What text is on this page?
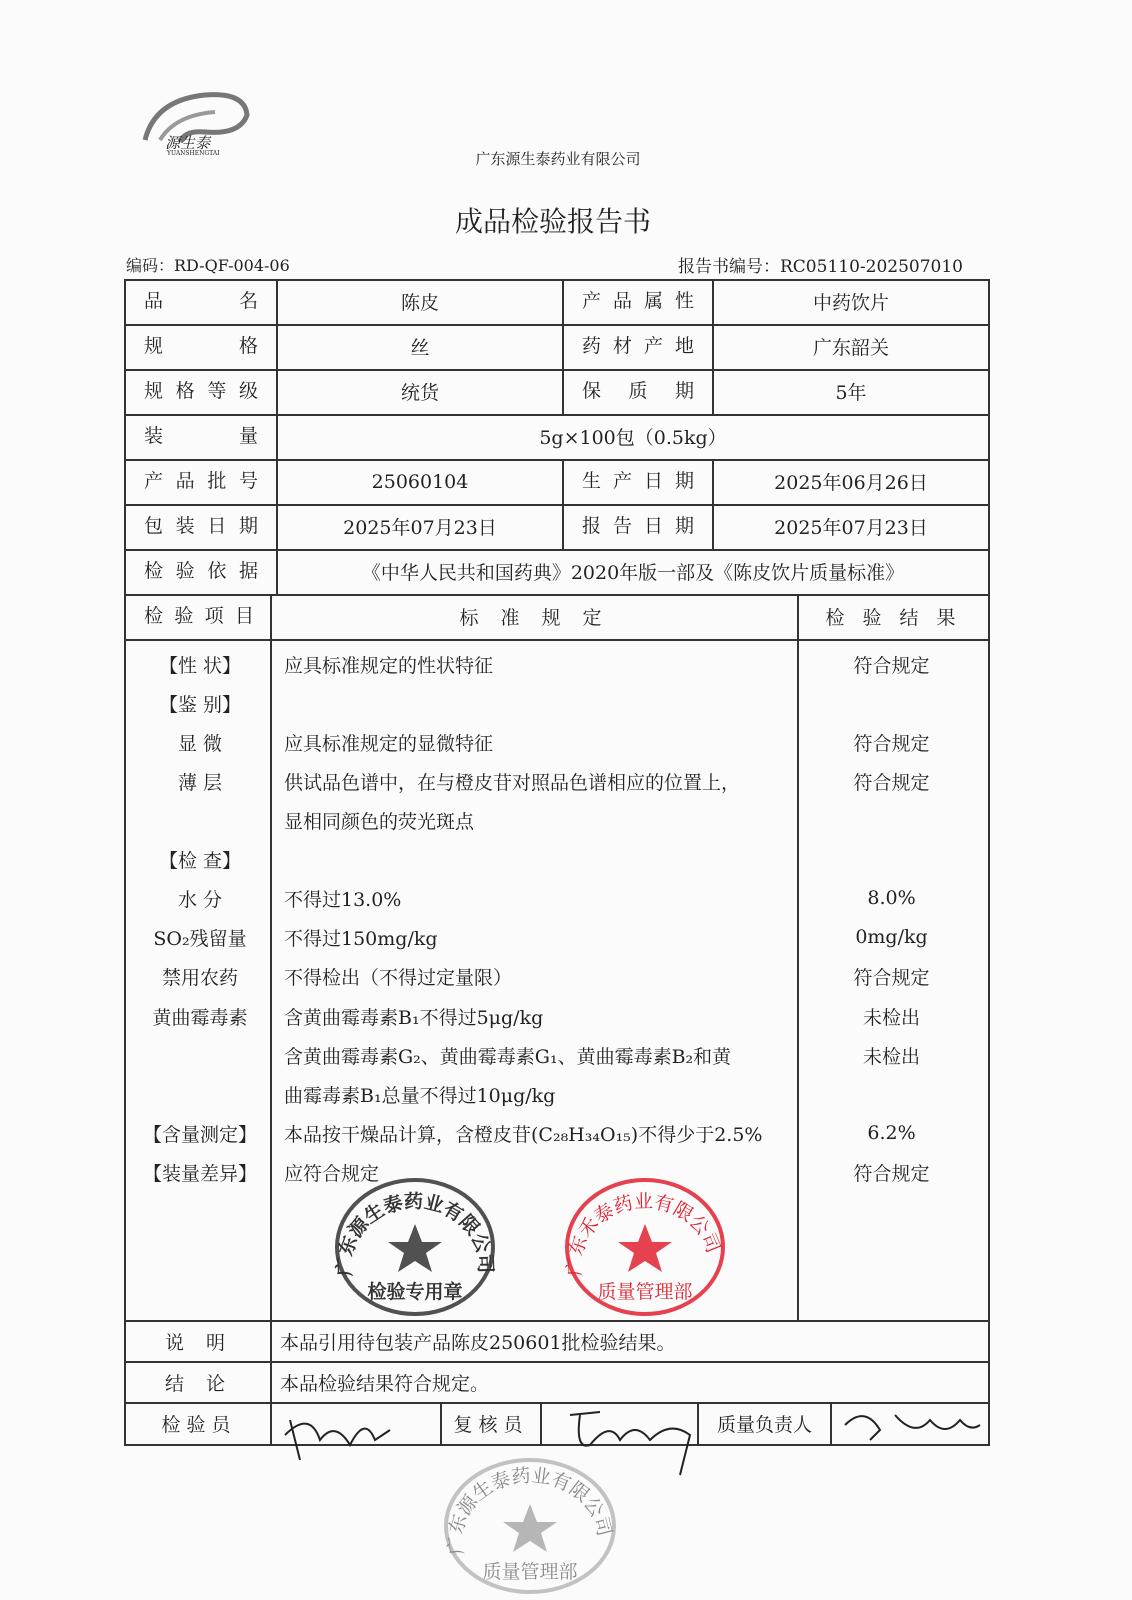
源生泰
YUANSHENGTAI	广东源生泰药业有限公司
成品检验报告书
编码：RD-QF-004-06	报告书编号：RC05110-202507010
品 名	陈皮	产品属性	中药饮片
规 格	丝	药材产地	广东韶关
规格等级	统货	保 质 期	5年
装 量	5g×100包（0.5kg）
产品批号	25060104	生产日期	2025年06月26日
包装日期	2025年07月23日	报告日期	2025年07月23日
检验依据	《中华人民共和国药典》2020年版一部及《陈皮饮片质量标准》
检验项目	标 准 规 定	检 验 结 果
【性 状】	应具标准规定的性状特征	符合规定
【鉴 别】
显 微	应具标准规定的显微特征	符合规定
薄 层	供试品色谱中，在与橙皮苷对照品色谱相应的位置上，	符合规定
显相同颜色的荧光斑点
【检 查】
水 分	不得过13.0%	8.0%
SO₂残留量	不得过150mg/kg	0mg/kg
禁用农药	不得检出（不得过定量限）	符合规定
黄曲霉毒素	含黄曲霉毒素B₁不得过5μg/kg	未检出
含黄曲霉毒素G₂、黄曲霉毒素G₁、黄曲霉毒素B₂和黄	未检出
曲霉毒素B₁总量不得过10μg/kg
【含量测定】	本品按干燥品计算，含橙皮苷(C₂₈H₃₄O₁₅)不得少于2.5%	6.2%
【装量差异】	应符合规定	符合规定
说 明	本品引用待包装产品陈皮250601批检验结果。
结 论	本品检验结果符合规定。
检验员	复核员	质量负责人
广东源生泰药业有限公司
检验专用章
广东禾泰药业有限公司
质量管理部
广东源生泰药业有限公司
质量管理部
